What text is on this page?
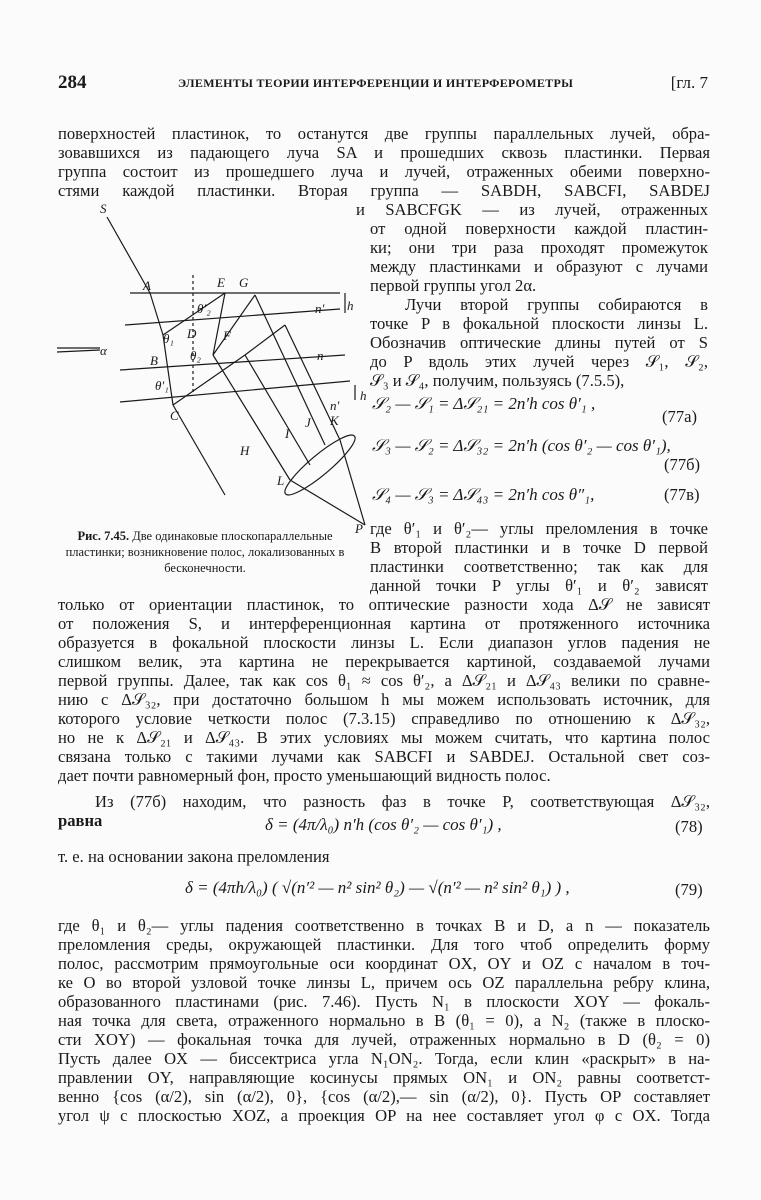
284	ЭЛЕМЕНТЫ ТЕОРИИ ИНТЕРФЕРЕНЦИИ И ИНТЕРФЕРОМЕТРЫ	[гл. 7
поверхностей пластинок, то останутся две группы параллельных лучей, обра-
зовавшихся из падающего луча SA и прошедших сквозь пластинки. Первая
группа состоит из прошедшего луча и лучей, отраженных обеими поверхно-
стями каждой пластинки. Вторая группа — SABDH, SABCFI, SABDEJ
и SABCFGK — из лучей, отраженных
от одной поверхности каждой пластин-
ки; они три раза проходят промежуток
между пластинками и образуют с лучами
первой группы угол 2α.
Лучи второй группы собираются в
точке P в фокальной плоскости линзы L.
Обозначив оптические длины путей от S
до P вдоль этих лучей через 𝒮₁, 𝒮₂,
𝒮₃ и 𝒮₄, получим, пользуясь (7.5.5),
𝒮₂ — 𝒮₁ = Δ𝒮₂₁ = 2n′h cos θ′₁ ,
(77а)
𝒮₃ — 𝒮₂ = Δ𝒮₃₂ = 2n′h (cos θ′₂ — cos θ′₁),
(77б)
𝒮₄ — 𝒮₃ = Δ𝒮₄₃ = 2n′h cos θ″₁,	(77в)
где θ′₁ и θ′₂— углы преломления в точке
B второй пластинки и в точке D первой
пластинки соответственно; так как для
данной точки P углы θ′₁ и θ′₂ зависят
S
A	E G
θ′₂
θ₁ D F
θ₂
B
θ′₁
C
n′ h
n
n′
h
α
H
I
J K
L
P
Рис. 7.45. Две одинаковые плоскопараллельные пластинки; возникновение полос, локализованных в бесконечности.
только от ориентации пластинок, то оптические разности хода Δ𝒮 не зависят
от положения S, и интерференционная картина от протяженного источника
образуется в фокальной плоскости линзы L. Если диапазон углов падения не
слишком велик, эта картина не перекрывается картиной, создаваемой лучами
первой группы. Далее, так как cos θ₁ ≈ cos θ′₂, а Δ𝒮₂₁ и Δ𝒮₄₃ велики по сравне-
нию с Δ𝒮₃₂, при достаточно большом h мы можем использовать источник, для
которого условие четкости полос (7.3.15) справедливо по отношению к Δ𝒮₃₂,
но не к Δ𝒮₂₁ и Δ𝒮₄₃. В этих условиях мы можем считать, что картина полос
связана только с такими лучами как SABCFI и SABDEJ. Остальной свет соз-
дает почти равномерный фон, просто уменьшающий видность полос.
Из (77б) находим, что разность фаз в точке P, соответствующая Δ𝒮₃₂,
равна	δ = (4π/λ₀) n′h (cos θ′₂ — cos θ′₁) ,	(78)
т. е. на основании закона преломления
δ = (4πh/λ₀) ( √(n′² — n² sin² θ₂) — √(n′² — n² sin² θ₁) ) ,	(79)
где θ₁ и θ₂— углы падения соответственно в точках B и D, а n — показатель
преломления среды, окружающей пластинки. Для того чтоб определить форму
полос, рассмотрим прямоугольные оси координат OX, OY и OZ с началом в точ-
ке O во второй узловой точке линзы L, причем ось OZ параллельна ребру клина,
образованного пластинами (рис. 7.46). Пусть N₁ в плоскости XOY — фокаль-
ная точка для света, отраженного нормально в B (θ₁ = 0), а N₂ (также в плоско-
сти XOY) — фокальная точка для лучей, отраженных нормально в D (θ₂ = 0)
Пусть далее OX — биссектриса угла N₁ON₂. Тогда, если клин «раскрыт» в на-
правлении OY, направляющие косинусы прямых ON₁ и ON₂ равны соответст-
венно {cos (α/2), sin (α/2), 0}, {cos (α/2),— sin (α/2), 0}. Пусть OP составляет
угол ψ с плоскостью XOZ, а проекция OP на нее составляет угол φ с OX. Тогда
